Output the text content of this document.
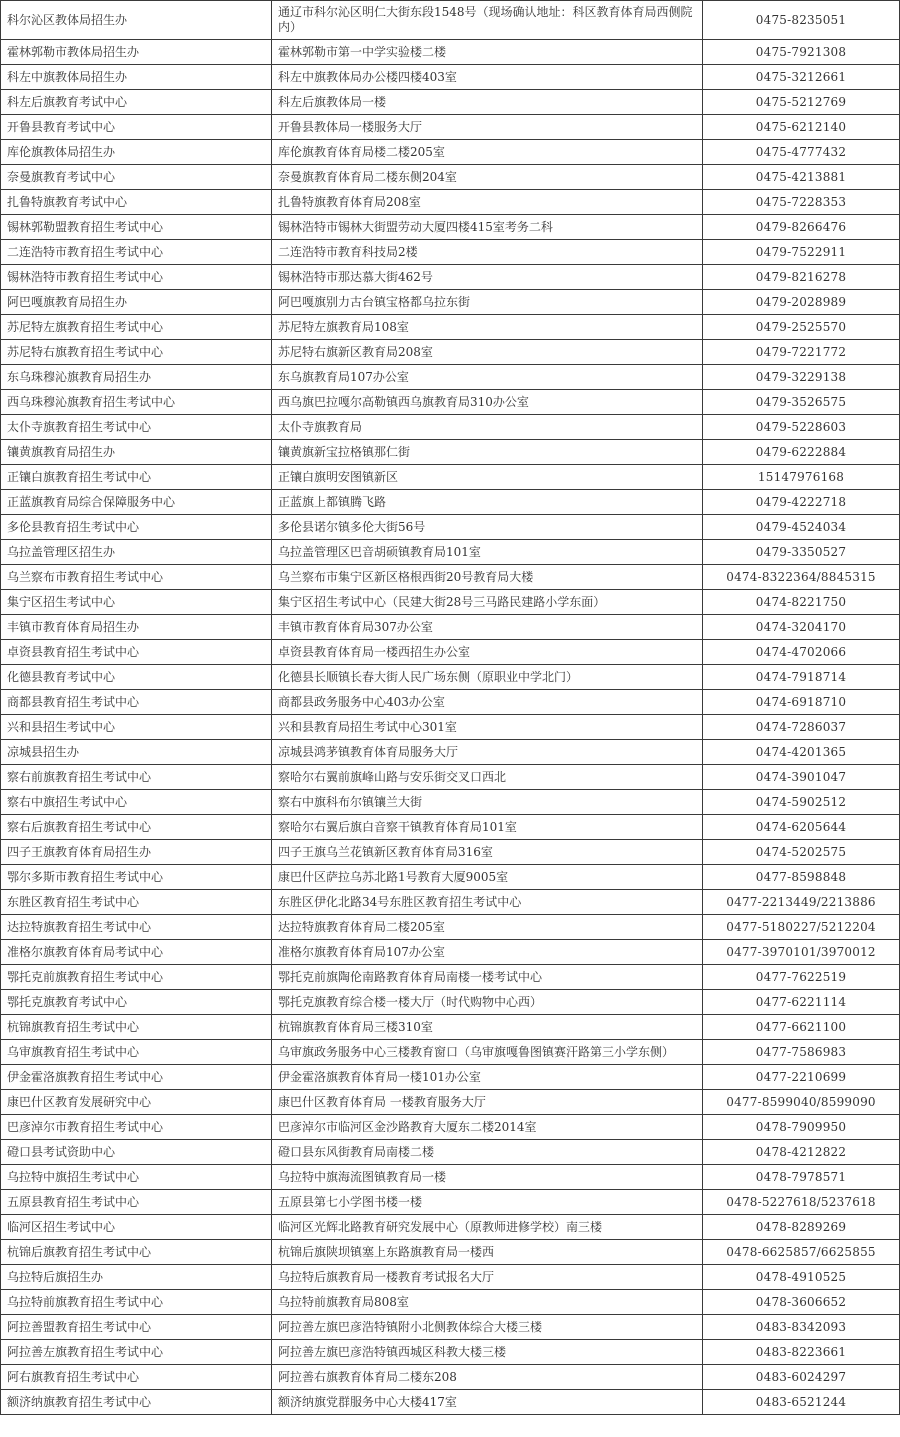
科尔沁区教体局招生办	通辽市科尔沁区明仁大街东段1548号（现场确认地址：科区教育体育局西侧院内）	0475-8235051
霍林郭勒市教体局招生办	霍林郭勒市第一中学实验楼二楼	0475-7921308
科左中旗教体局招生办	科左中旗教体局办公楼四楼403室	0475-3212661
科左后旗教育考试中心	科左后旗教体局一楼	0475-5212769
开鲁县教育考试中心	开鲁县教体局一楼服务大厅	0475-6212140
库伦旗教体局招生办	库伦旗教育体育局楼二楼205室	0475-4777432
奈曼旗教育考试中心	奈曼旗教育体育局二楼东侧204室	0475-4213881
扎鲁特旗教育考试中心	扎鲁特旗教育体育局208室	0475-7228353
锡林郭勒盟教育招生考试中心	锡林浩特市锡林大街盟劳动大厦四楼415室考务二科	0479-8266476
二连浩特市教育招生考试中心	二连浩特市教育科技局2楼	0479-7522911
锡林浩特市教育招生考试中心	锡林浩特市那达慕大街462号	0479-8216278
阿巴嘎旗教育局招生办	阿巴嘎旗别力古台镇宝格都乌拉东街	0479-2028989
苏尼特左旗教育招生考试中心	苏尼特左旗教育局108室	0479-2525570
苏尼特右旗教育招生考试中心	苏尼特右旗新区教育局208室	0479-7221772
东乌珠穆沁旗教育局招生办	东乌旗教育局107办公室	0479-3229138
西乌珠穆沁旗教育招生考试中心	西乌旗巴拉嘎尔高勒镇西乌旗教育局310办公室	0479-3526575
太仆寺旗教育招生考试中心	太仆寺旗教育局	0479-5228603
镶黄旗教育局招生办	镶黄旗新宝拉格镇那仁街	0479-6222884
正镶白旗教育招生考试中心	正镶白旗明安图镇新区	15147976168
正蓝旗教育局综合保障服务中心	正蓝旗上都镇腾飞路	0479-4222718
多伦县教育招生考试中心	多伦县诺尔镇多伦大街56号	0479-4524034
乌拉盖管理区招生办	乌拉盖管理区巴音胡硕镇教育局101室	0479-3350527
乌兰察布市教育招生考试中心	乌兰察布市集宁区新区格根西街20号教育局大楼	0474-8322364/8845315
集宁区招生考试中心	集宁区招生考试中心（民建大街28号三马路民建路小学东面）	0474-8221750
丰镇市教育体育局招生办	丰镇市教育体育局307办公室	0474-3204170
卓资县教育招生考试中心	卓资县教育体育局一楼西招生办公室	0474-4702066
化德县教育考试中心	化德县长顺镇长春大街人民广场东侧（原职业中学北门）	0474-7918714
商都县教育招生考试中心	商都县政务服务中心403办公室	0474-6918710
兴和县招生考试中心	兴和县教育局招生考试中心301室	0474-7286037
凉城县招生办	凉城县鸿茅镇教育体育局服务大厅	0474-4201365
察右前旗教育招生考试中心	察哈尔右翼前旗峰山路与安乐街交叉口西北	0474-3901047
察右中旗招生考试中心	察右中旗科布尔镇镶兰大街	0474-5902512
察右后旗教育招生考试中心	察哈尔右翼后旗白音察干镇教育体育局101室	0474-6205644
四子王旗教育体育局招生办	四子王旗乌兰花镇新区教育体育局316室	0474-5202575
鄂尔多斯市教育招生考试中心	康巴什区萨拉乌苏北路1号教育大厦9005室	0477-8598848
东胜区教育招生考试中心	东胜区伊化北路34号东胜区教育招生考试中心	0477-2213449/2213886
达拉特旗教育招生考试中心	达拉特旗教育体育局二楼205室	0477-5180227/5212204
准格尔旗教育体育局考试中心	准格尔旗教育体育局107办公室	0477-3970101/3970012
鄂托克前旗教育招生考试中心	鄂托克前旗陶伦南路教育体育局南楼一楼考试中心	0477-7622519
鄂托克旗教育考试中心	鄂托克旗教育综合楼一楼大厅（时代购物中心西）	0477-6221114
杭锦旗教育招生考试中心	杭锦旗教育体育局三楼310室	0477-6621100
乌审旗教育招生考试中心	乌审旗政务服务中心三楼教育窗口（乌审旗嘎鲁图镇赛汗路第三小学东侧）	0477-7586983
伊金霍洛旗教育招生考试中心	伊金霍洛旗教育体育局一楼101办公室	0477-2210699
康巴什区教育发展研究中心	康巴什区教育体育局 一楼教育服务大厅	0477-8599040/8599090
巴彦淖尔市教育招生考试中心	巴彦淖尔市临河区金沙路教育大厦东二楼2014室	0478-7909950
磴口县考试资助中心	磴口县东风街教育局南楼二楼	0478-4212822
乌拉特中旗招生考试中心	乌拉特中旗海流图镇教育局一楼	0478-7978571
五原县教育招生考试中心	五原县第七小学图书楼一楼	0478-5227618/5237618
临河区招生考试中心	临河区光辉北路教育研究发展中心（原教师进修学校）南三楼	0478-8289269
杭锦后旗教育招生考试中心	杭锦后旗陕坝镇塞上东路旗教育局一楼西	0478-6625857/6625855
乌拉特后旗招生办	乌拉特后旗教育局一楼教育考试报名大厅	0478-4910525
乌拉特前旗教育招生考试中心	乌拉特前旗教育局808室	0478-3606652
阿拉善盟教育招生考试中心	阿拉善左旗巴彦浩特镇附小北侧教体综合大楼三楼	0483-8342093
阿拉善左旗教育招生考试中心	阿拉善左旗巴彦浩特镇西城区科教大楼三楼	0483-8223661
阿右旗教育招生考试中心	阿拉善右旗教育体育局二楼东208	0483-6024297
额济纳旗教育招生考试中心	额济纳旗党群服务中心大楼417室	0483-6521244
